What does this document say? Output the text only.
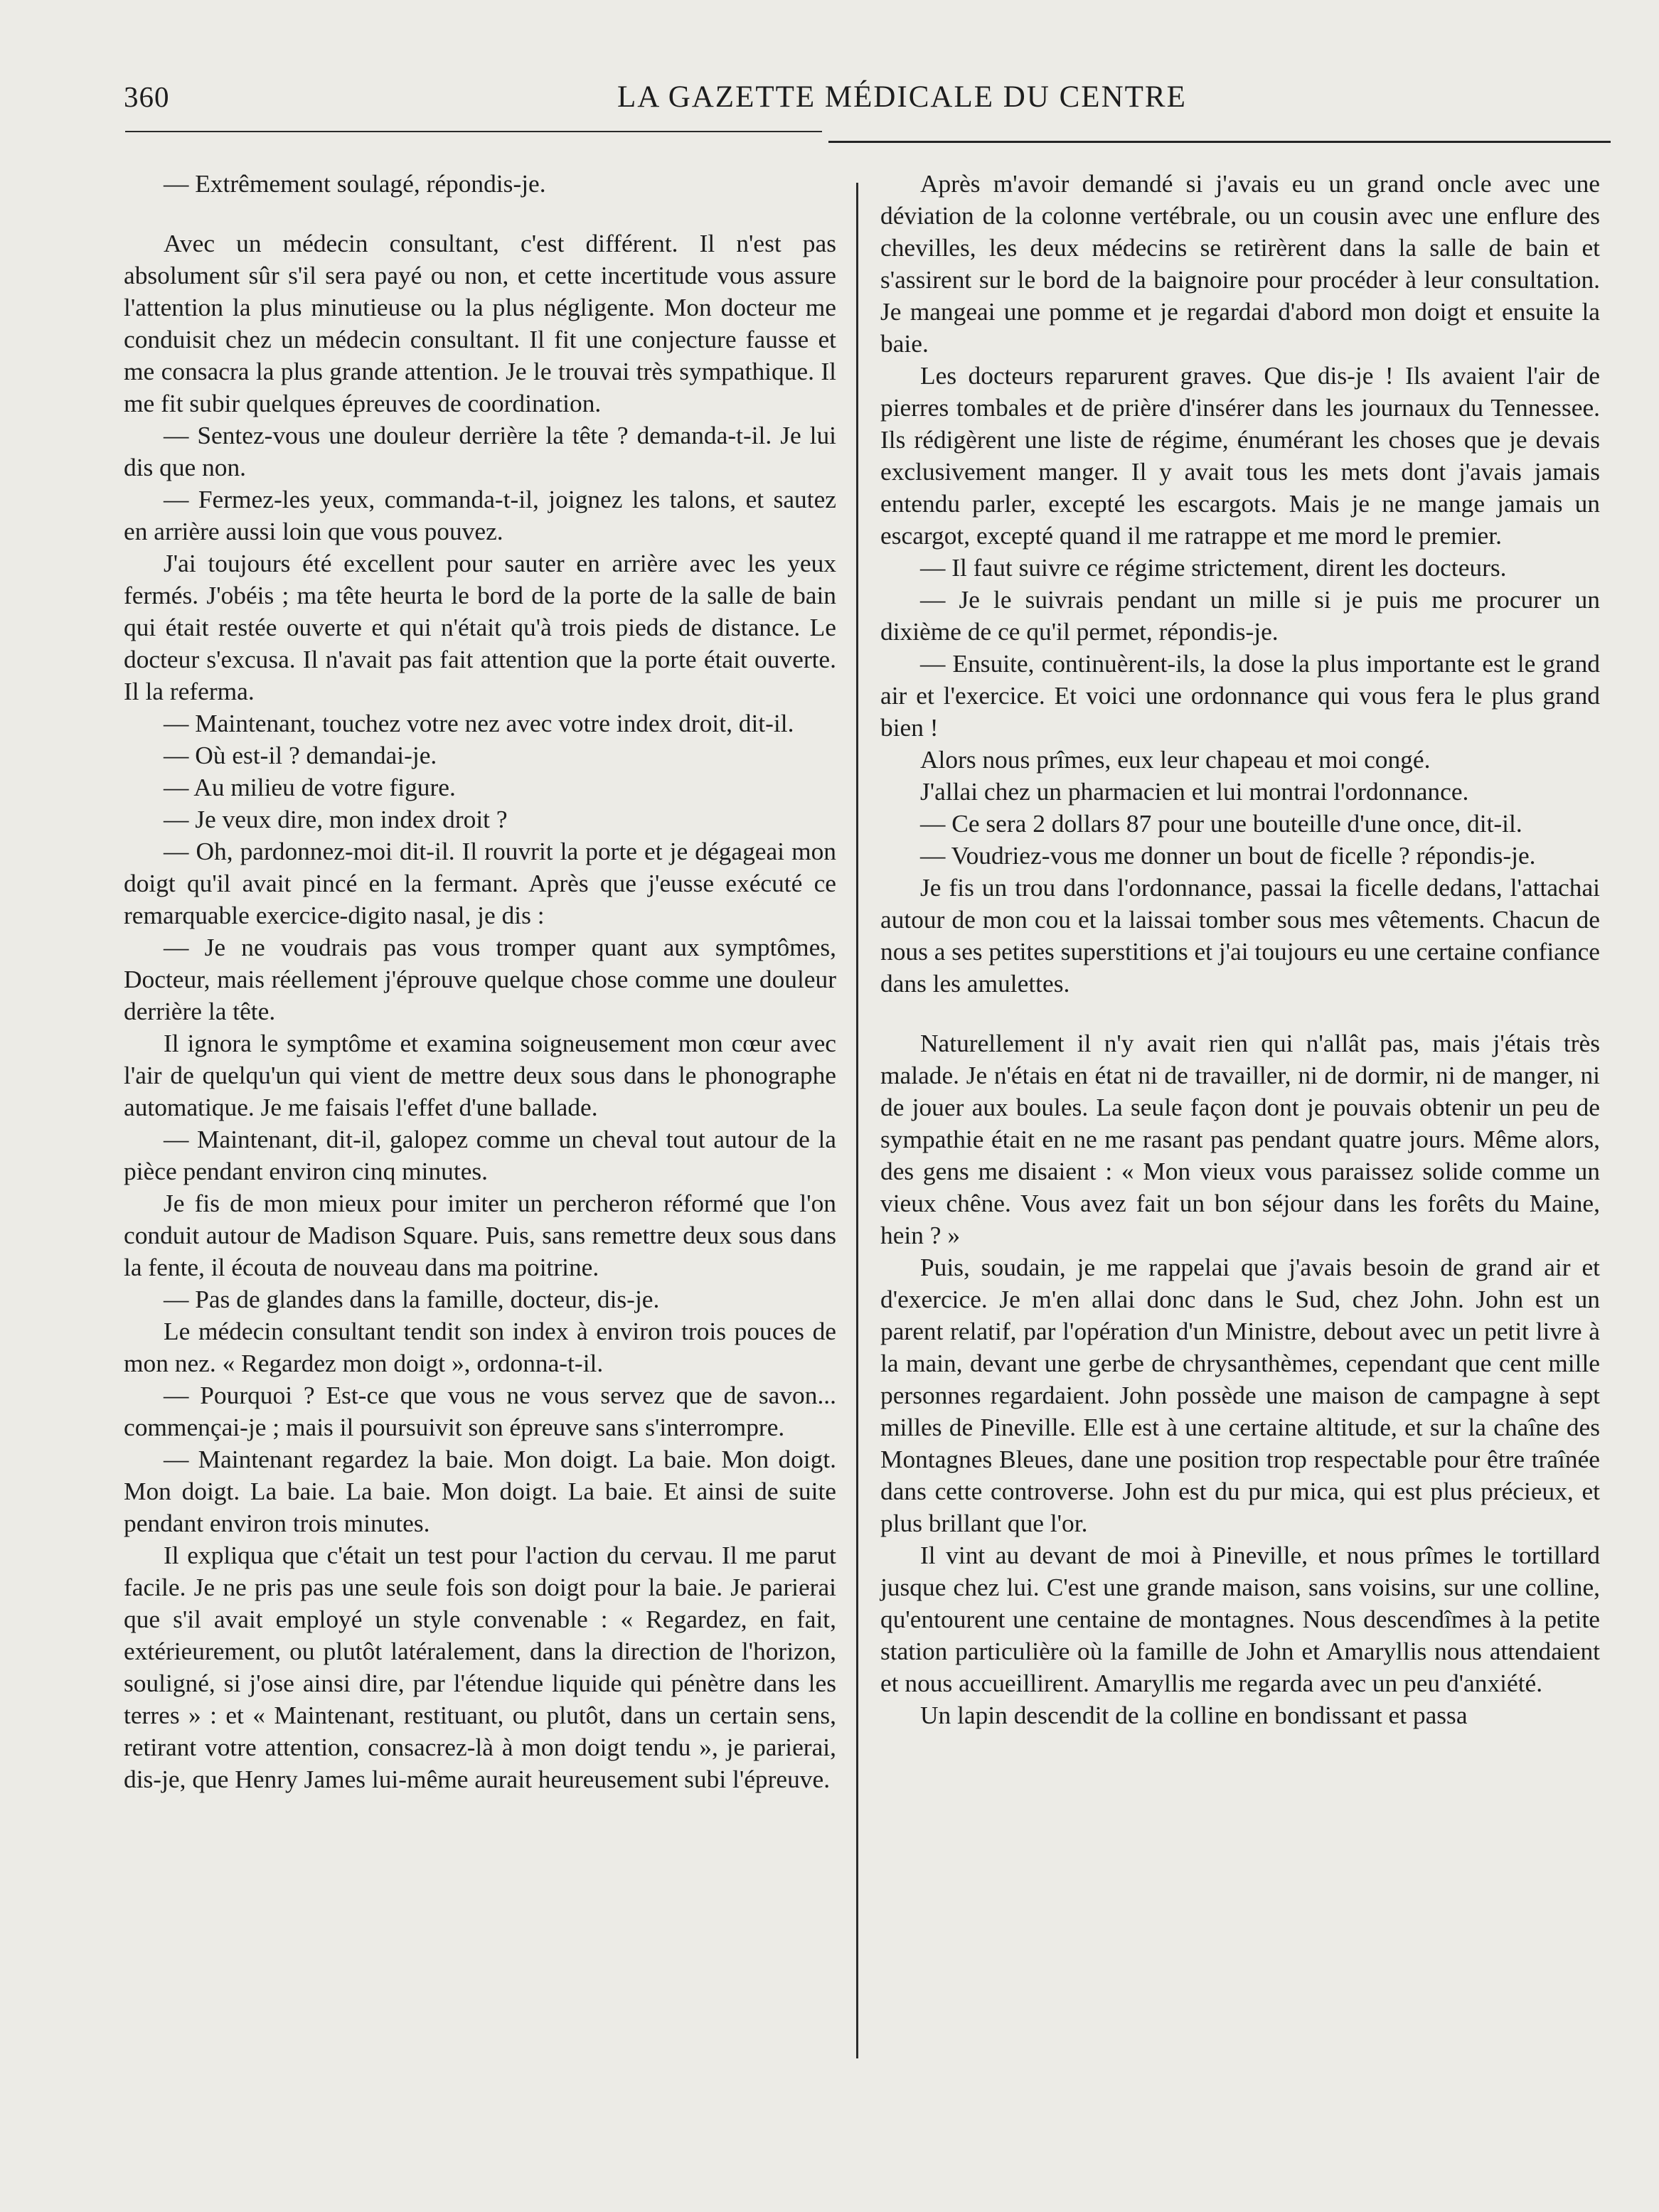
360	LA GAZETTE MÉDICALE DU CENTRE

— Extrêmement soulagé, répondis-je.

Avec un médecin consultant, c'est différent. Il n'est pas absolument sûr s'il sera payé ou non, et cette incertitude vous assure l'attention la plus minutieuse ou la plus négligente. Mon docteur me conduisit chez un médecin consultant. Il fit une conjecture fausse et me consacra la plus grande attention. Je le trouvai très sympathique. Il me fit subir quelques épreuves de coordination.

— Sentez-vous une douleur derrière la tête ? demanda-t-il. Je lui dis que non.

— Fermez-les yeux, commanda-t-il, joignez les talons, et sautez en arrière aussi loin que vous pouvez.

J'ai toujours été excellent pour sauter en arrière avec les yeux fermés. J'obéis ; ma tête heurta le bord de la porte de la salle de bain qui était restée ouverte et qui n'était qu'à trois pieds de distance. Le docteur s'excusa. Il n'avait pas fait attention que la porte était ouverte. Il la referma.

— Maintenant, touchez votre nez avec votre index droit, dit-il.

— Où est-il ? demandai-je.

— Au milieu de votre figure.

— Je veux dire, mon index droit ?

— Oh, pardonnez-moi dit-il. Il rouvrit la porte et je dégageai mon doigt qu'il avait pincé en la fermant. Après que j'eusse exécuté ce remarquable exercice-digito nasal, je dis :

— Je ne voudrais pas vous tromper quant aux symptômes, Docteur, mais réellement j'éprouve quelque chose comme une douleur derrière la tête.

Il ignora le symptôme et examina soigneusement mon cœur avec l'air de quelqu'un qui vient de mettre deux sous dans le phonographe automatique. Je me faisais l'effet d'une ballade.

— Maintenant, dit-il, galopez comme un cheval tout autour de la pièce pendant environ cinq minutes.

Je fis de mon mieux pour imiter un percheron réformé que l'on conduit autour de Madison Square. Puis, sans remettre deux sous dans la fente, il écouta de nouveau dans ma poitrine.

— Pas de glandes dans la famille, docteur, dis-je.

Le médecin consultant tendit son index à environ trois pouces de mon nez. « Regardez mon doigt », ordonna-t-il.

— Pourquoi ? Est-ce que vous ne vous servez que de savon... commençai-je ; mais il poursuivit son épreuve sans s'interrompre.

— Maintenant regardez la baie. Mon doigt. La baie. Mon doigt. Mon doigt. La baie. La baie. Mon doigt. La baie. Et ainsi de suite pendant environ trois minutes.

Il expliqua que c'était un test pour l'action du cervau. Il me parut facile. Je ne pris pas une seule fois son doigt pour la baie. Je parierai que s'il avait employé un style convenable : « Regardez, en fait, extérieurement, ou plutôt latéralement, dans la direction de l'horizon, souligné, si j'ose ainsi dire, par l'étendue liquide qui pénètre dans les terres » : et « Maintenant, restituant, ou plutôt, dans un certain sens, retirant votre attention, consacrez-là à mon doigt tendu », je parierai, dis-je, que Henry James lui-même aurait heureusement subi l'épreuve.

Après m'avoir demandé si j'avais eu un grand oncle avec une déviation de la colonne vertébrale, ou un cousin avec une enflure des chevilles, les deux médecins se retirèrent dans la salle de bain et s'assirent sur le bord de la baignoire pour procéder à leur consultation. Je mangeai une pomme et je regardai d'abord mon doigt et ensuite la baie.

Les docteurs reparurent graves. Que dis-je ! Ils avaient l'air de pierres tombales et de prière d'insérer dans les journaux du Tennessee. Ils rédigèrent une liste de régime, énumérant les choses que je devais exclusivement manger. Il y avait tous les mets dont j'avais jamais entendu parler, excepté les escargots. Mais je ne mange jamais un escargot, excepté quand il me ratrappe et me mord le premier.

— Il faut suivre ce régime strictement, dirent les docteurs.

— Je le suivrais pendant un mille si je puis me procurer un dixième de ce qu'il permet, répondis-je.

— Ensuite, continuèrent-ils, la dose la plus importante est le grand air et l'exercice. Et voici une ordonnance qui vous fera le plus grand bien !

Alors nous prîmes, eux leur chapeau et moi congé.

J'allai chez un pharmacien et lui montrai l'ordonnance.

— Ce sera 2 dollars 87 pour une bouteille d'une once, dit-il.

— Voudriez-vous me donner un bout de ficelle ? répondis-je.

Je fis un trou dans l'ordonnance, passai la ficelle dedans, l'attachai autour de mon cou et la laissai tomber sous mes vêtements. Chacun de nous a ses petites superstitions et j'ai toujours eu une certaine confiance dans les amulettes.

Naturellement il n'y avait rien qui n'allât pas, mais j'étais très malade. Je n'étais en état ni de travailler, ni de dormir, ni de manger, ni de jouer aux boules. La seule façon dont je pouvais obtenir un peu de sympathie était en ne me rasant pas pendant quatre jours. Même alors, des gens me disaient : « Mon vieux vous paraissez solide comme un vieux chêne. Vous avez fait un bon séjour dans les forêts du Maine, hein ? »

Puis, soudain, je me rappelai que j'avais besoin de grand air et d'exercice. Je m'en allai donc dans le Sud, chez John. John est un parent relatif, par l'opération d'un Ministre, debout avec un petit livre à la main, devant une gerbe de chrysanthèmes, cependant que cent mille personnes regardaient. John possède une maison de campagne à sept milles de Pineville. Elle est à une certaine altitude, et sur la chaîne des Montagnes Bleues, dane une position trop respectable pour être traînée dans cette controverse. John est du pur mica, qui est plus précieux, et plus brillant que l'or.

Il vint au devant de moi à Pineville, et nous prîmes le tortillard jusque chez lui. C'est une grande maison, sans voisins, sur une colline, qu'entourent une centaine de montagnes. Nous descendîmes à la petite station particulière où la famille de John et Amaryllis nous attendaient et nous accueillirent. Amaryllis me regarda avec un peu d'anxiété.

Un lapin descendit de la colline en bondissant et passa
